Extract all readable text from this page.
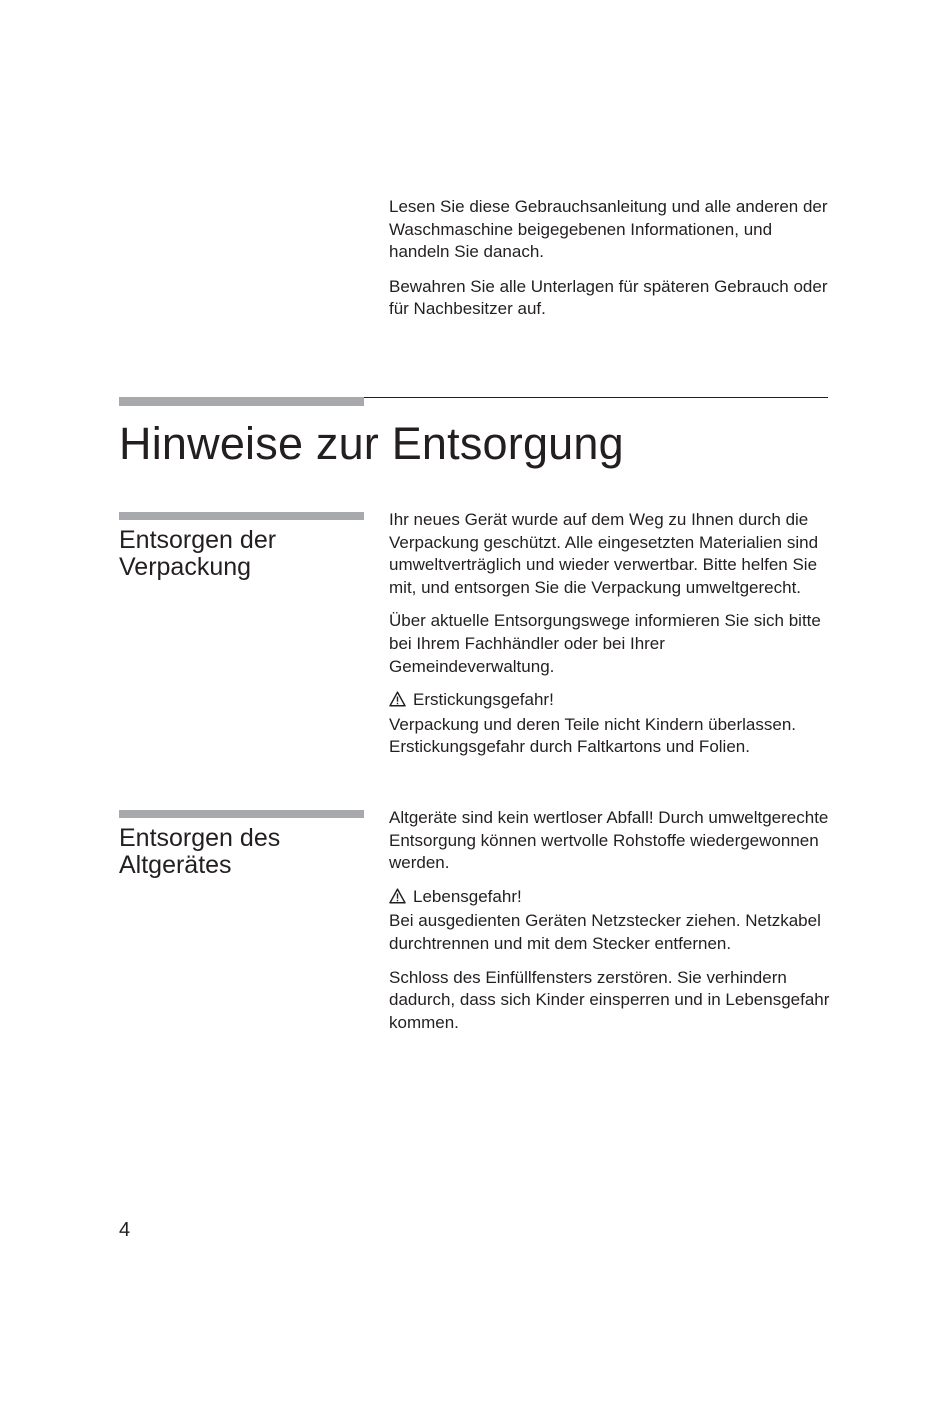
Lesen Sie diese Gebrauchsanleitung und alle anderen der Waschmaschine beigegebenen Informationen, und handeln Sie danach.

Bewahren Sie alle Unterlagen für späteren Gebrauch oder für Nachbesitzer auf.

Hinweise zur Entsorgung
Entsorgen der Verpackung

Ihr neues Gerät wurde auf dem Weg zu Ihnen durch die Verpackung geschützt. Alle eingesetzten Materialien sind umweltverträglich und wieder verwertbar. Bitte helfen Sie mit, und entsorgen Sie die Verpackung umweltgerecht.

Über aktuelle Entsorgungswege informieren Sie sich bitte bei Ihrem Fachhändler oder bei Ihrer Gemeindeverwaltung.

Erstickungsgefahr!
Verpackung und deren Teile nicht Kindern überlassen. Erstickungsgefahr durch Faltkartons und Folien.

Entsorgen des Altgerätes

Altgeräte sind kein wertloser Abfall! Durch umweltgerechte Entsorgung können wertvolle Rohstoffe wiedergewonnen werden.

Lebensgefahr!
Bei ausgedienten Geräten Netzstecker ziehen. Netzkabel durchtrennen und mit dem Stecker entfernen.

Schloss des Einfüllfensters zerstören. Sie verhindern dadurch, dass sich Kinder einsperren und in Lebensgefahr kommen.

4
